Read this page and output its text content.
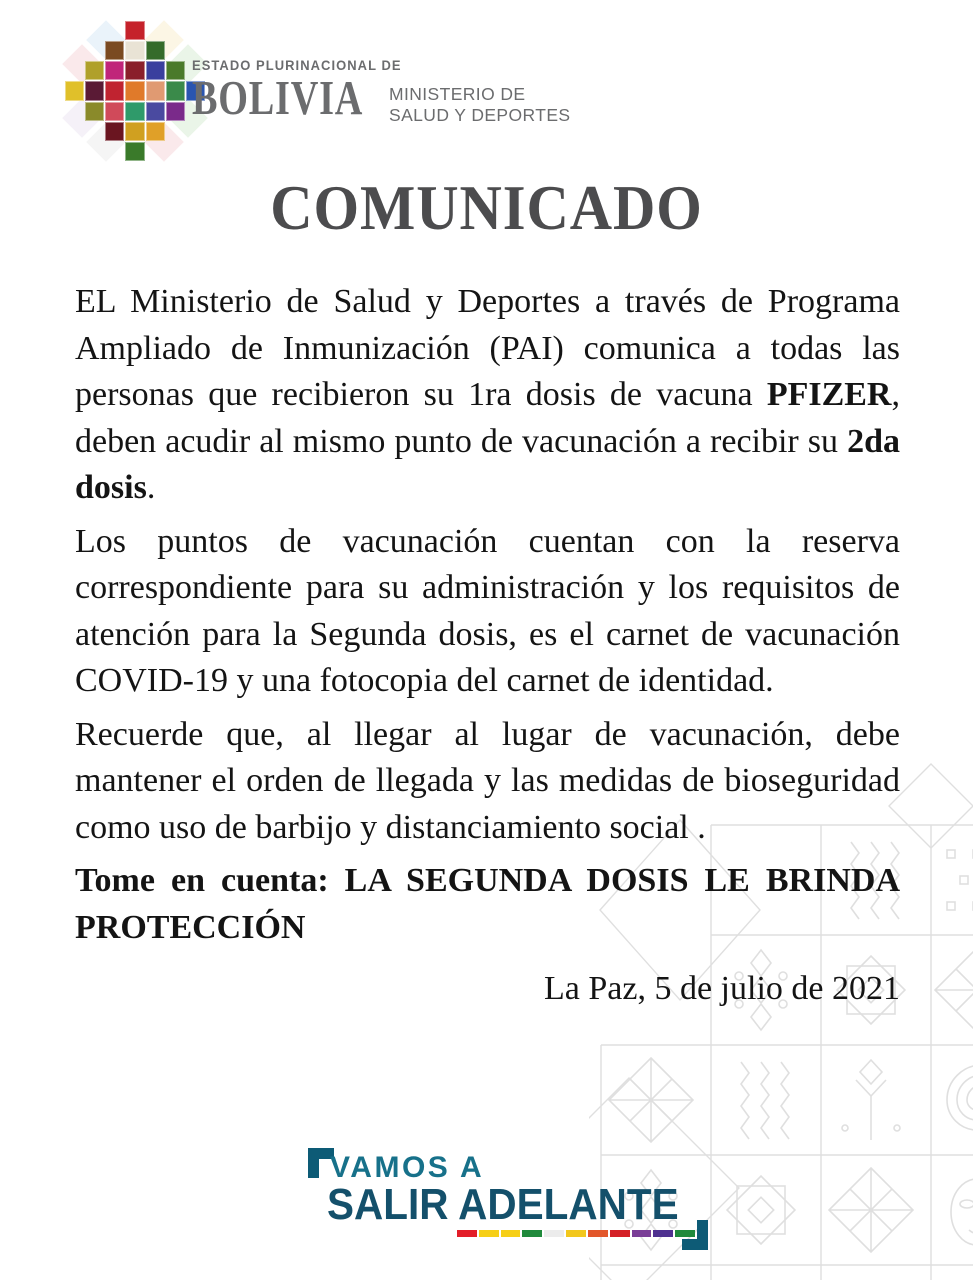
ESTADO PLURINACIONAL DE
BOLIVIA MINISTERIO DE
SALUD Y DEPORTES
COMUNICADO

EL Ministerio de Salud y Deportes a través de Programa Ampliado de Inmunización (PAI) comunica a todas las personas que recibieron su 1ra dosis de vacuna PFIZER, deben acudir al mismo punto de vacunación a recibir su 2da dosis.

Los puntos de vacunación cuentan con la reserva correspondiente para su administración y los requisitos de atención para la Segunda dosis, es el carnet de vacunación COVID-19 y una fotocopia del carnet de identidad.

Recuerde que, al llegar al lugar de vacunación, debe mantener el orden de llegada y las medidas de bioseguridad como uso de barbijo y distanciamiento social .

Tome en cuenta: LA SEGUNDA DOSIS LE BRINDA PROTECCIÓN

La Paz, 5 de julio de 2021

VAMOS A
SALIR ADELANTE
